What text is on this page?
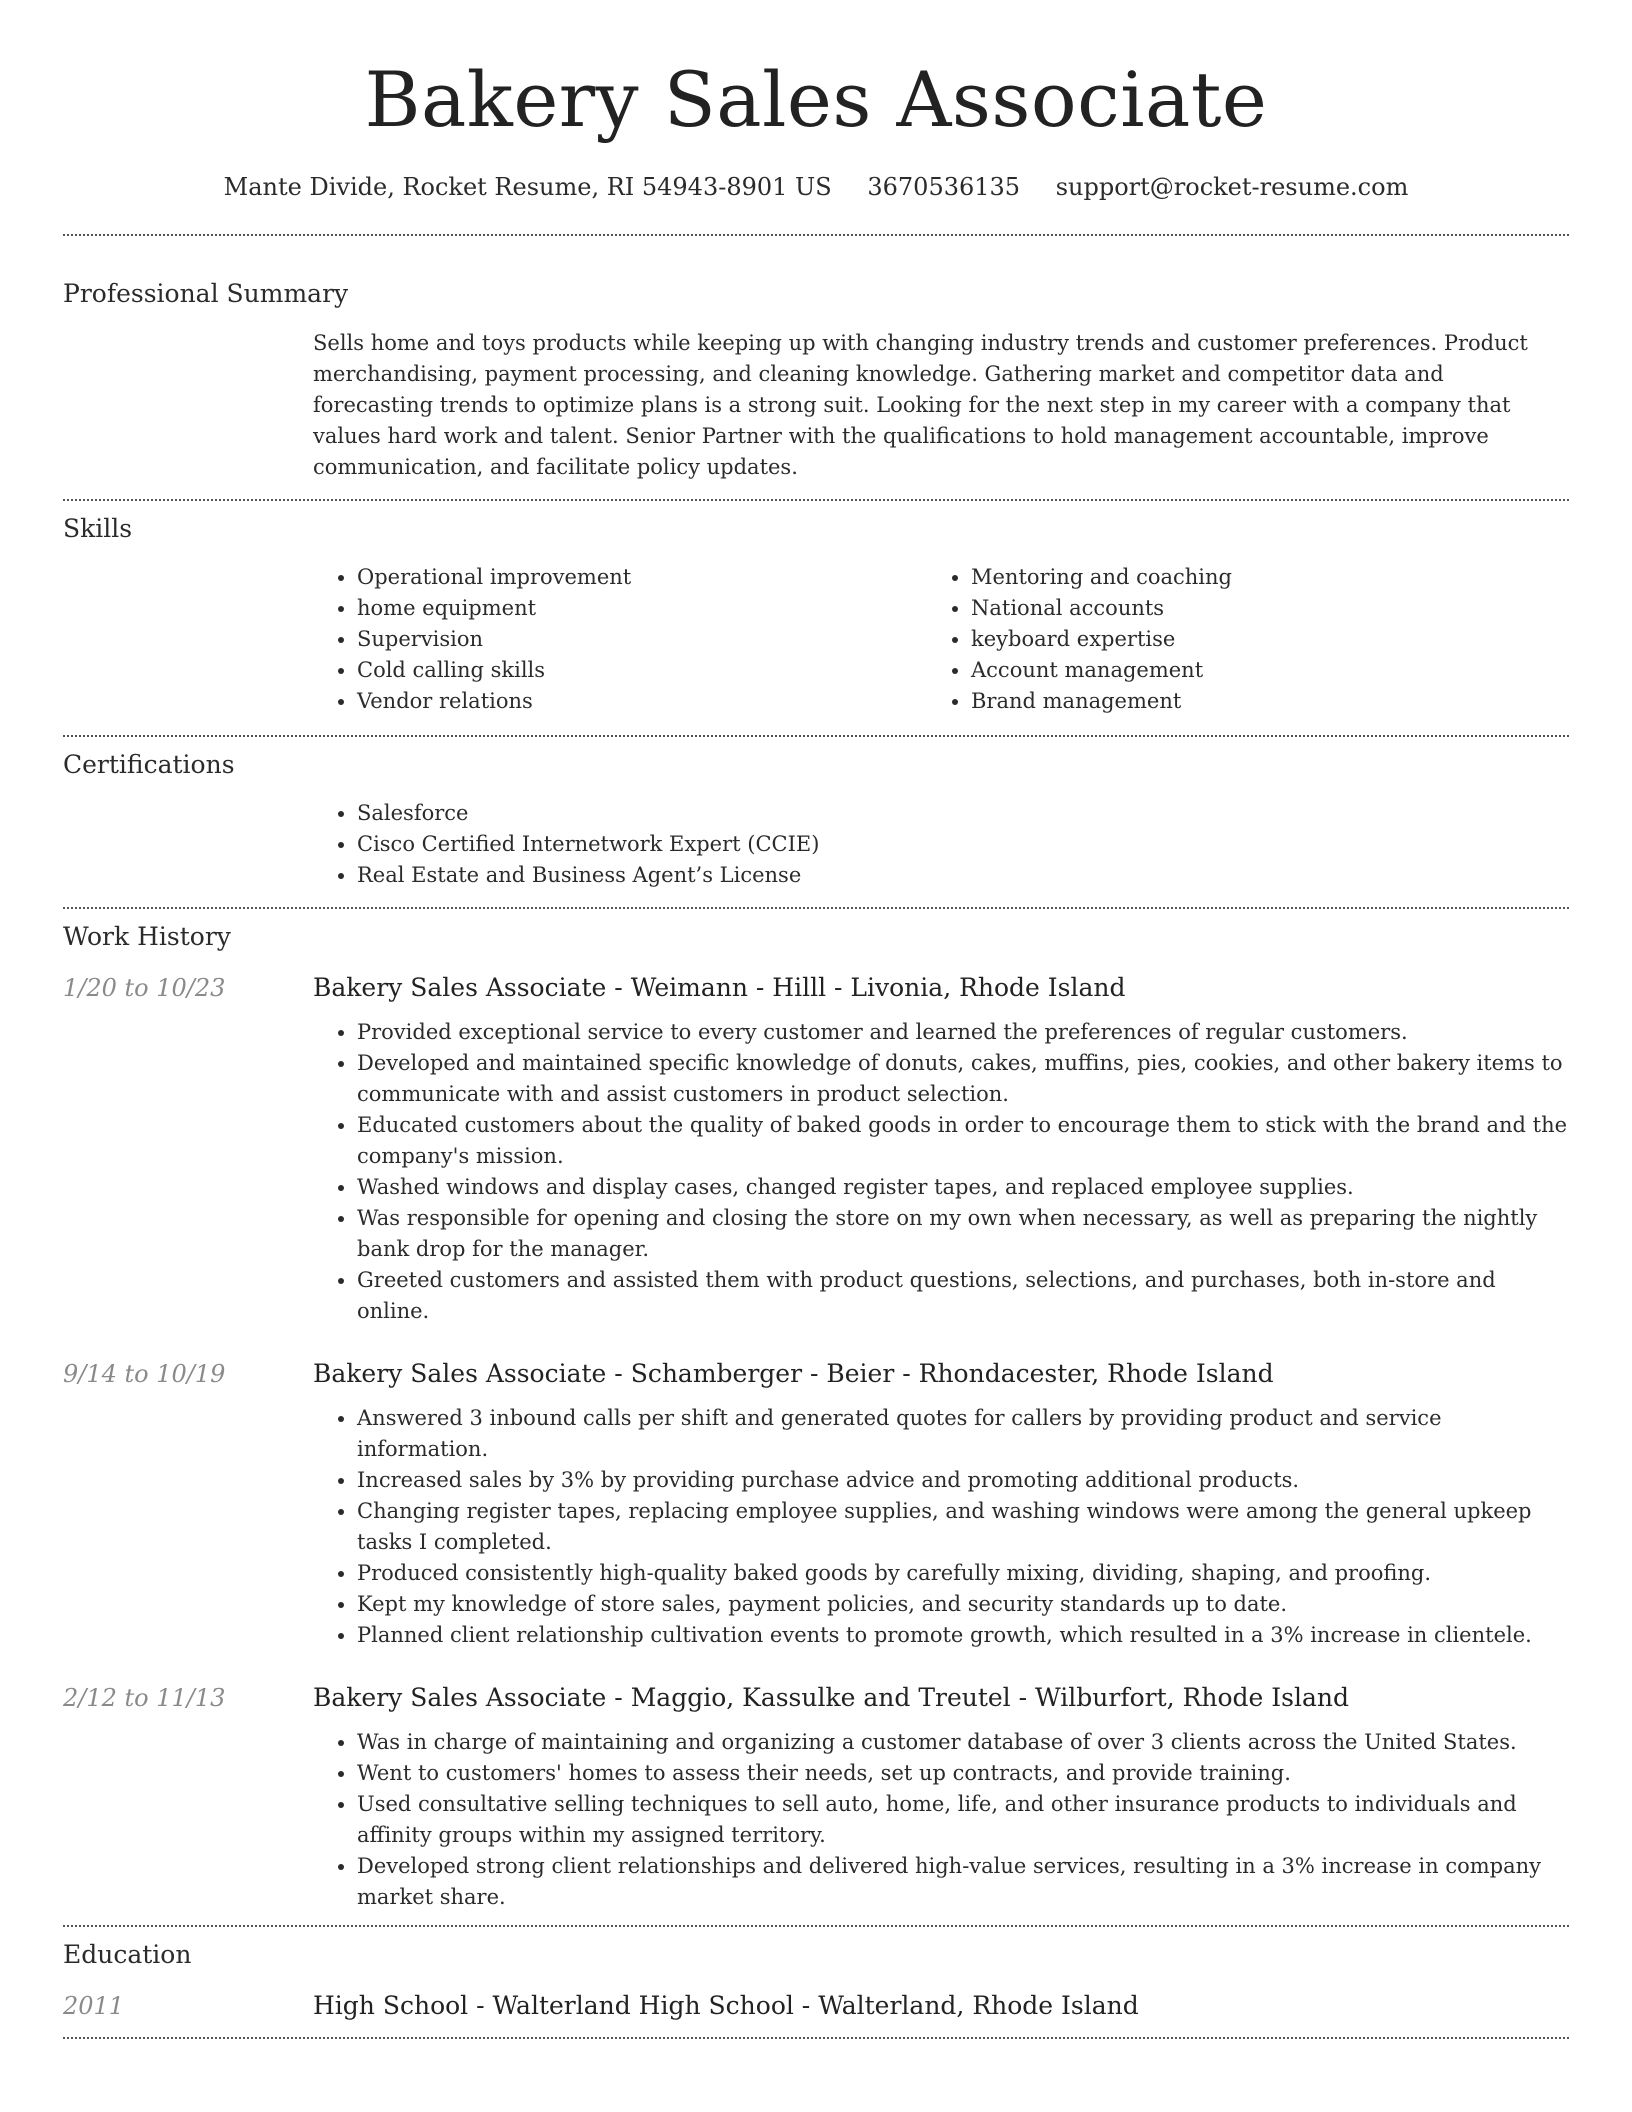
Bakery Sales Associate
Mante Divide, Rocket Resume, RI 54943-8901 US 3670536135 support@rocket-resume.com
Professional Summary
Sells home and toys products while keeping up with changing industry trends and customer preferences. Product merchandising, payment processing, and cleaning knowledge. Gathering market and competitor data and forecasting trends to optimize plans is a strong suit. Looking for the next step in my career with a company that values hard work and talent. Senior Partner with the qualifications to hold management accountable, improve communication, and facilitate policy updates.
Skills
• Operational improvement
• home equipment
• Supervision
• Cold calling skills
• Vendor relations
• Mentoring and coaching
• National accounts
• keyboard expertise
• Account management
• Brand management
Certifications
• Salesforce
• Cisco Certified Internetwork Expert (CCIE)
• Real Estate and Business Agent’s License
Work History
1/20 to 10/23	Bakery Sales Associate - Weimann - Hilll - Livonia, Rhode Island
• Provided exceptional service to every customer and learned the preferences of regular customers.
• Developed and maintained specific knowledge of donuts, cakes, muffins, pies, cookies, and other bakery items to communicate with and assist customers in product selection.
• Educated customers about the quality of baked goods in order to encourage them to stick with the brand and the company's mission.
• Washed windows and display cases, changed register tapes, and replaced employee supplies.
• Was responsible for opening and closing the store on my own when necessary, as well as preparing the nightly bank drop for the manager.
• Greeted customers and assisted them with product questions, selections, and purchases, both in-store and online.
9/14 to 10/19	Bakery Sales Associate - Schamberger - Beier - Rhondacester, Rhode Island
• Answered 3 inbound calls per shift and generated quotes for callers by providing product and service information.
• Increased sales by 3% by providing purchase advice and promoting additional products.
• Changing register tapes, replacing employee supplies, and washing windows were among the general upkeep tasks I completed.
• Produced consistently high-quality baked goods by carefully mixing, dividing, shaping, and proofing.
• Kept my knowledge of store sales, payment policies, and security standards up to date.
• Planned client relationship cultivation events to promote growth, which resulted in a 3% increase in clientele.
2/12 to 11/13	Bakery Sales Associate - Maggio, Kassulke and Treutel - Wilburfort, Rhode Island
• Was in charge of maintaining and organizing a customer database of over 3 clients across the United States.
• Went to customers' homes to assess their needs, set up contracts, and provide training.
• Used consultative selling techniques to sell auto, home, life, and other insurance products to individuals and affinity groups within my assigned territory.
• Developed strong client relationships and delivered high-value services, resulting in a 3% increase in company market share.
Education
2011	High School - Walterland High School - Walterland, Rhode Island
